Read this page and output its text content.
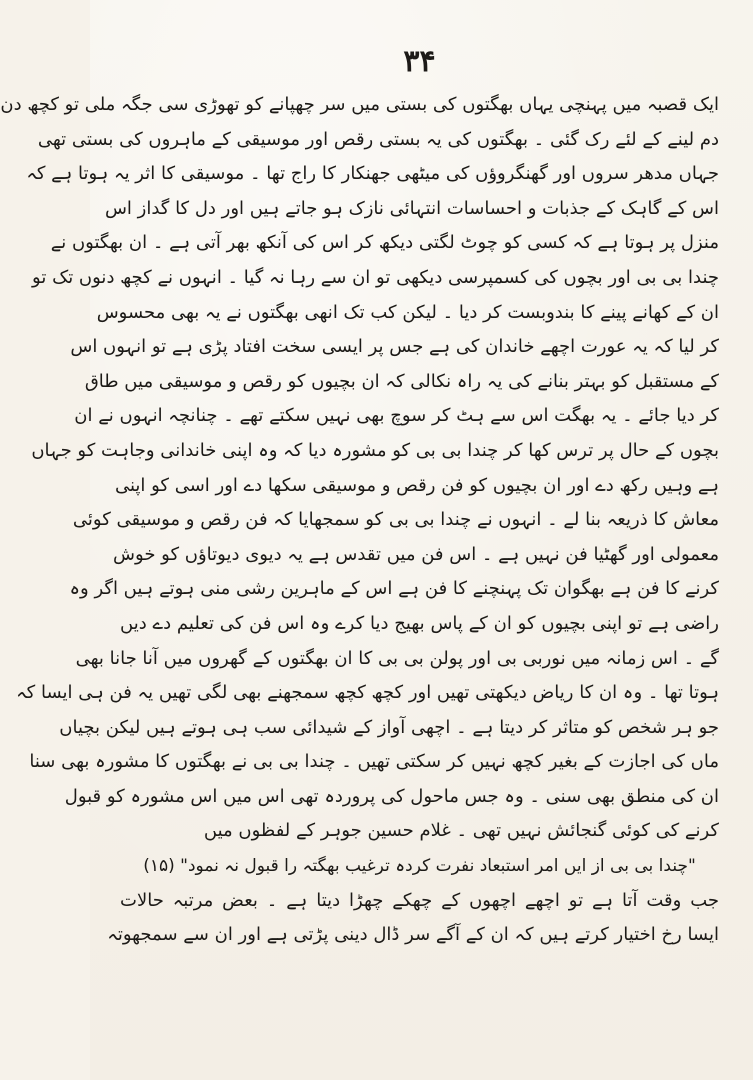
۳۴
ایک قصبہ میں پہنچی یہاں بھگتوں کی بستی میں سر چھپانے کو تھوڑی سی جگہ ملی تو کچھ دن
دم لینے کے لئے رک گئی ۔ بھگتوں کی یہ بستی رقص اور موسیقی کے ماہروں کی بستی تھی
جہاں مدھر سروں اور گھنگروؤں کی میٹھی جھنکار کا راج تھا ۔ موسیقی کا اثر یہ ہوتا ہے کہ
اس کے گاہک کے جذبات و احساسات انتہائی نازک ہو جاتے ہیں اور دل کا گداز اس
منزل پر ہوتا ہے کہ کسی کو چوٹ لگتی دیکھ کر اس کی آنکھ بھر آتی ہے ۔ ان بھگتوں نے
چندا بی بی اور بچوں کی کسمپرسی دیکھی تو ان سے رہا نہ گیا ۔ انہوں نے کچھ دنوں تک تو
ان کے کھانے پینے کا بندوبست کر دیا ۔ لیکن کب تک انھی بھگتوں نے یہ بھی محسوس
کر لیا کہ یہ عورت اچھے خاندان کی ہے جس پر ایسی سخت افتاد پڑی ہے تو انہوں اس
کے مستقبل کو بہتر بنانے کی یہ راہ نکالی کہ ان بچیوں کو رقص و موسیقی میں طاق
کر دیا جائے ۔ یہ بھگت اس سے ہٹ کر سوچ بھی نہیں سکتے تھے ۔ چنانچہ انہوں نے ان
بچوں کے حال پر ترس کھا کر چندا بی بی کو مشورہ دیا کہ وہ اپنی خاندانی وجاہت کو جہاں
ہے وہیں رکھ دے اور ان بچیوں کو فن رقص و موسیقی سکھا دے اور اسی کو اپنی
معاش کا ذریعہ بنا لے ۔ انہوں نے چندا بی بی کو سمجھایا کہ فن رقص و موسیقی کوئی
معمولی اور گھٹیا فن نہیں ہے ۔ اس فن میں تقدس ہے یہ دیوی دیوتاؤں کو خوش
کرنے کا فن ہے بھگوان تک پہنچنے کا فن ہے اس کے ماہرین رشی منی ہوتے ہیں اگر وہ
راضی ہے تو اپنی بچیوں کو ان کے پاس بھیج دیا کرے وہ اس فن کی تعلیم دے دیں
گے ۔ اس زمانہ میں نوربی بی اور پولن بی بی کا ان بھگتوں کے گھروں میں آنا جانا بھی
ہوتا تھا ۔ وہ ان کا ریاض دیکھتی تھیں اور کچھ کچھ سمجھنے بھی لگی تھیں یہ فن ہی ایسا کہ
جو ہر شخص کو متاثر کر دیتا ہے ۔ اچھی آواز کے شیدائی سب ہی ہوتے ہیں لیکن بچیاں
ماں کی اجازت کے بغیر کچھ نہیں کر سکتی تھیں ۔ چندا بی بی نے بھگتوں کا مشورہ بھی سنا
ان کی منطق بھی سنی ۔ وہ جس ماحول کی پروردہ تھی اس میں اس مشورہ کو قبول
کرنے کی کوئی گنجائش نہیں تھی ۔ غلام حسین جوہر کے لفظوں میں
"چندا بی بی از ایں امر استبعاد نفرت کردہ ترغیب بھگتہ را قبول نہ نمود" (۱۵)
جب وقت آتا ہے تو اچھے اچھوں کے چھکے چھڑا دیتا ہے ۔ بعض مرتبہ حالات
ایسا رخ اختیار کرتے ہیں کہ ان کے آگے سر ڈال دینی پڑتی ہے اور ان سے سمجھوتہ
